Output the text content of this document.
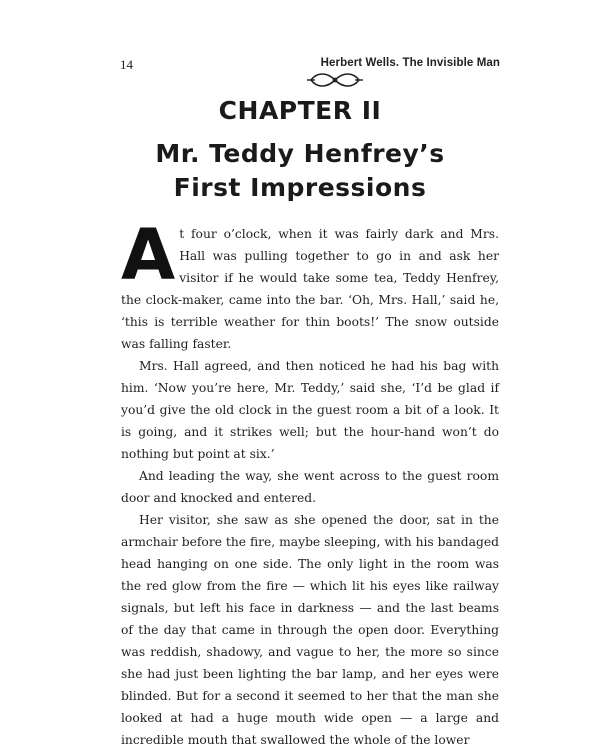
14	Herbert Wells. The Invisible Man
CHAPTER II
Mr. Teddy Henfrey’s
First Impressions

At four o’clock, when it was fairly dark and Mrs. Hall was pulling together to go in and ask her visitor if he would take some tea, Teddy Henfrey, the clock-maker, came into the bar. ‘Oh, Mrs. Hall,’ said he, ‘this is terrible weather for thin boots!’ The snow outside was falling faster.

Mrs. Hall agreed, and then noticed he had his bag with him. ‘Now you’re here, Mr. Teddy,’ said she, ‘I’d be glad if you’d give the old clock in the guest room a bit of a look. It is going, and it strikes well; but the hour-hand won’t do nothing but point at six.’

And leading the way, she went across to the guest room door and knocked and entered.

Her visitor, she saw as she opened the door, sat in the armchair before the fire, maybe sleeping, with his bandaged head hanging on one side. The only light in the room was the red glow from the fire — which lit his eyes like railway signals, but left his face in darkness — and the last beams of the day that came in through the open door. Everything was reddish, shadowy, and vague to her, the more so since she had just been lighting the bar lamp, and her eyes were blinded. But for a second it seemed to her that the man she looked at had a huge mouth wide open — a large and incredible mouth that swallowed the whole of the lower
